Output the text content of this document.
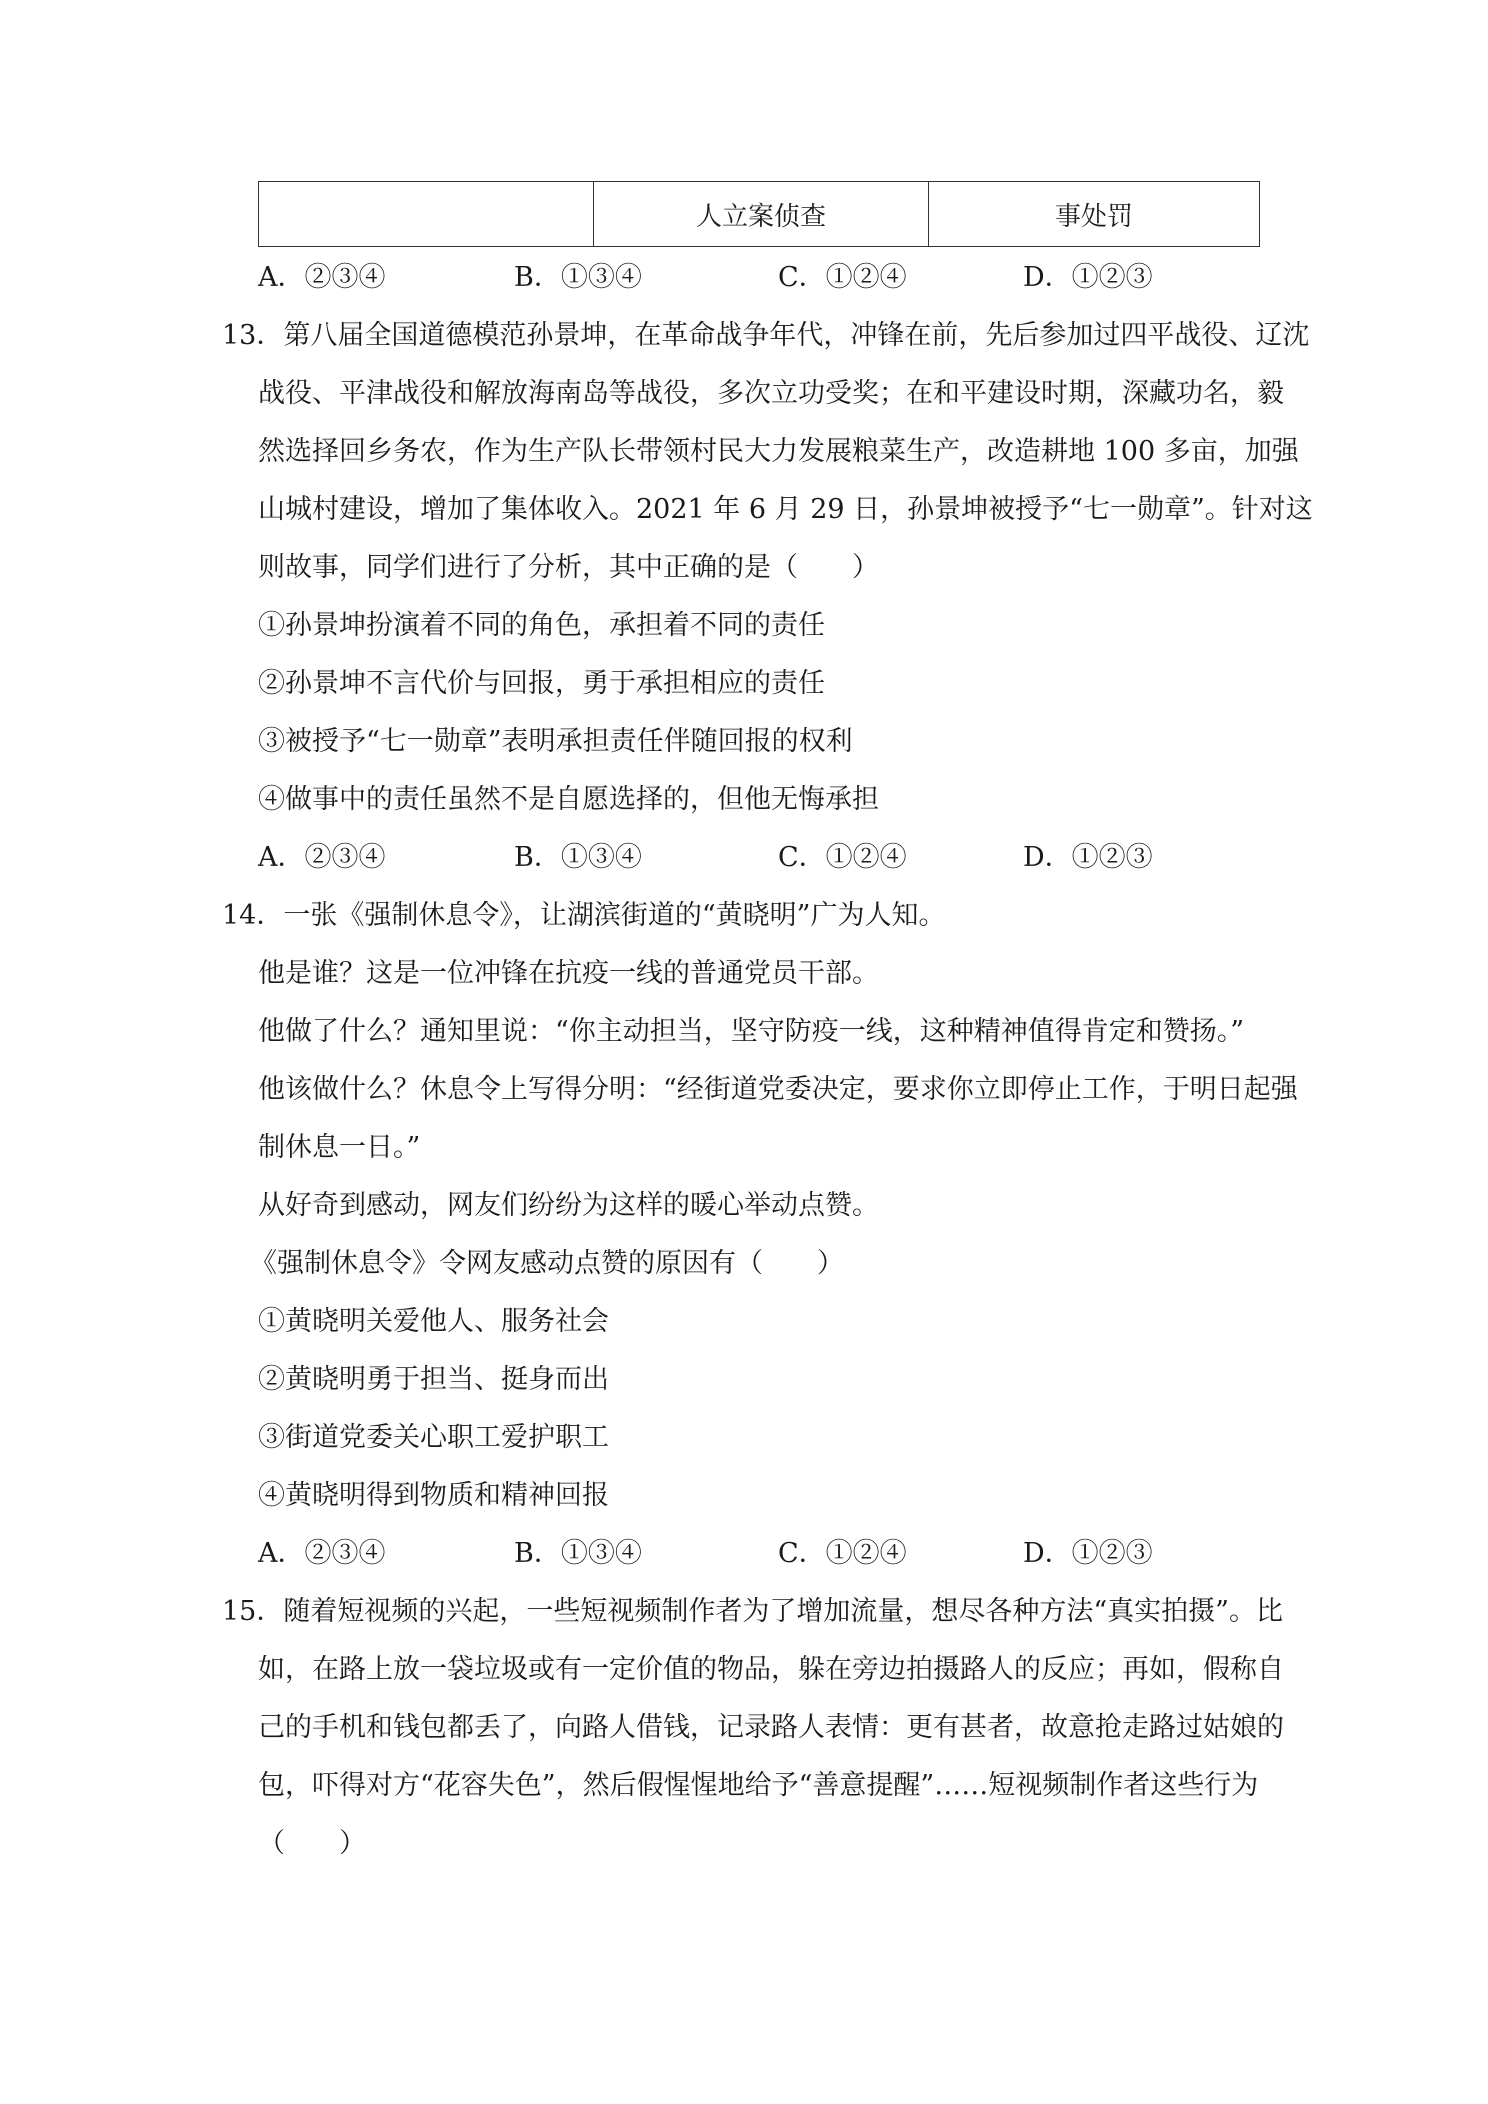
	人立案侦查	事处罚
A．②③④	B．①③④	C．①②④	D．①②③
13．第八届全国道德模范孙景坤，在革命战争年代，冲锋在前，先后参加过四平战役、辽沈
战役、平津战役和解放海南岛等战役，多次立功受奖；在和平建设时期，深藏功名，毅
然选择回乡务农，作为生产队长带领村民大力发展粮菜生产，改造耕地 100 多亩，加强
山城村建设，增加了集体收入。2021 年 6 月 29 日，孙景坤被授予“七一勋章”。针对这
则故事，同学们进行了分析，其中正确的是（　　）
①孙景坤扮演着不同的角色，承担着不同的责任
②孙景坤不言代价与回报，勇于承担相应的责任
③被授予“七一勋章”表明承担责任伴随回报的权利
④做事中的责任虽然不是自愿选择的，但他无悔承担
A．②③④	B．①③④	C．①②④	D．①②③
14．一张《强制休息令》，让湖滨街道的“黄晓明”广为人知。
他是谁？这是一位冲锋在抗疫一线的普通党员干部。
他做了什么？通知里说：“你主动担当，坚守防疫一线，这种精神值得肯定和赞扬。”
他该做什么？休息令上写得分明：“经街道党委决定，要求你立即停止工作，于明日起强
制休息一日。”
从好奇到感动，网友们纷纷为这样的暖心举动点赞。
《强制休息令》令网友感动点赞的原因有（　　）
①黄晓明关爱他人、服务社会
②黄晓明勇于担当、挺身而出
③街道党委关心职工爱护职工
④黄晓明得到物质和精神回报
A．②③④	B．①③④	C．①②④	D．①②③
15．随着短视频的兴起，一些短视频制作者为了增加流量，想尽各种方法“真实拍摄”。比
如，在路上放一袋垃圾或有一定价值的物品，躲在旁边拍摄路人的反应；再如，假称自
己的手机和钱包都丢了，向路人借钱，记录路人表情：更有甚者，故意抢走路过姑娘的
包，吓得对方“花容失色”，然后假惺惺地给予“善意提醒”……短视频制作者这些行为
（　　）
